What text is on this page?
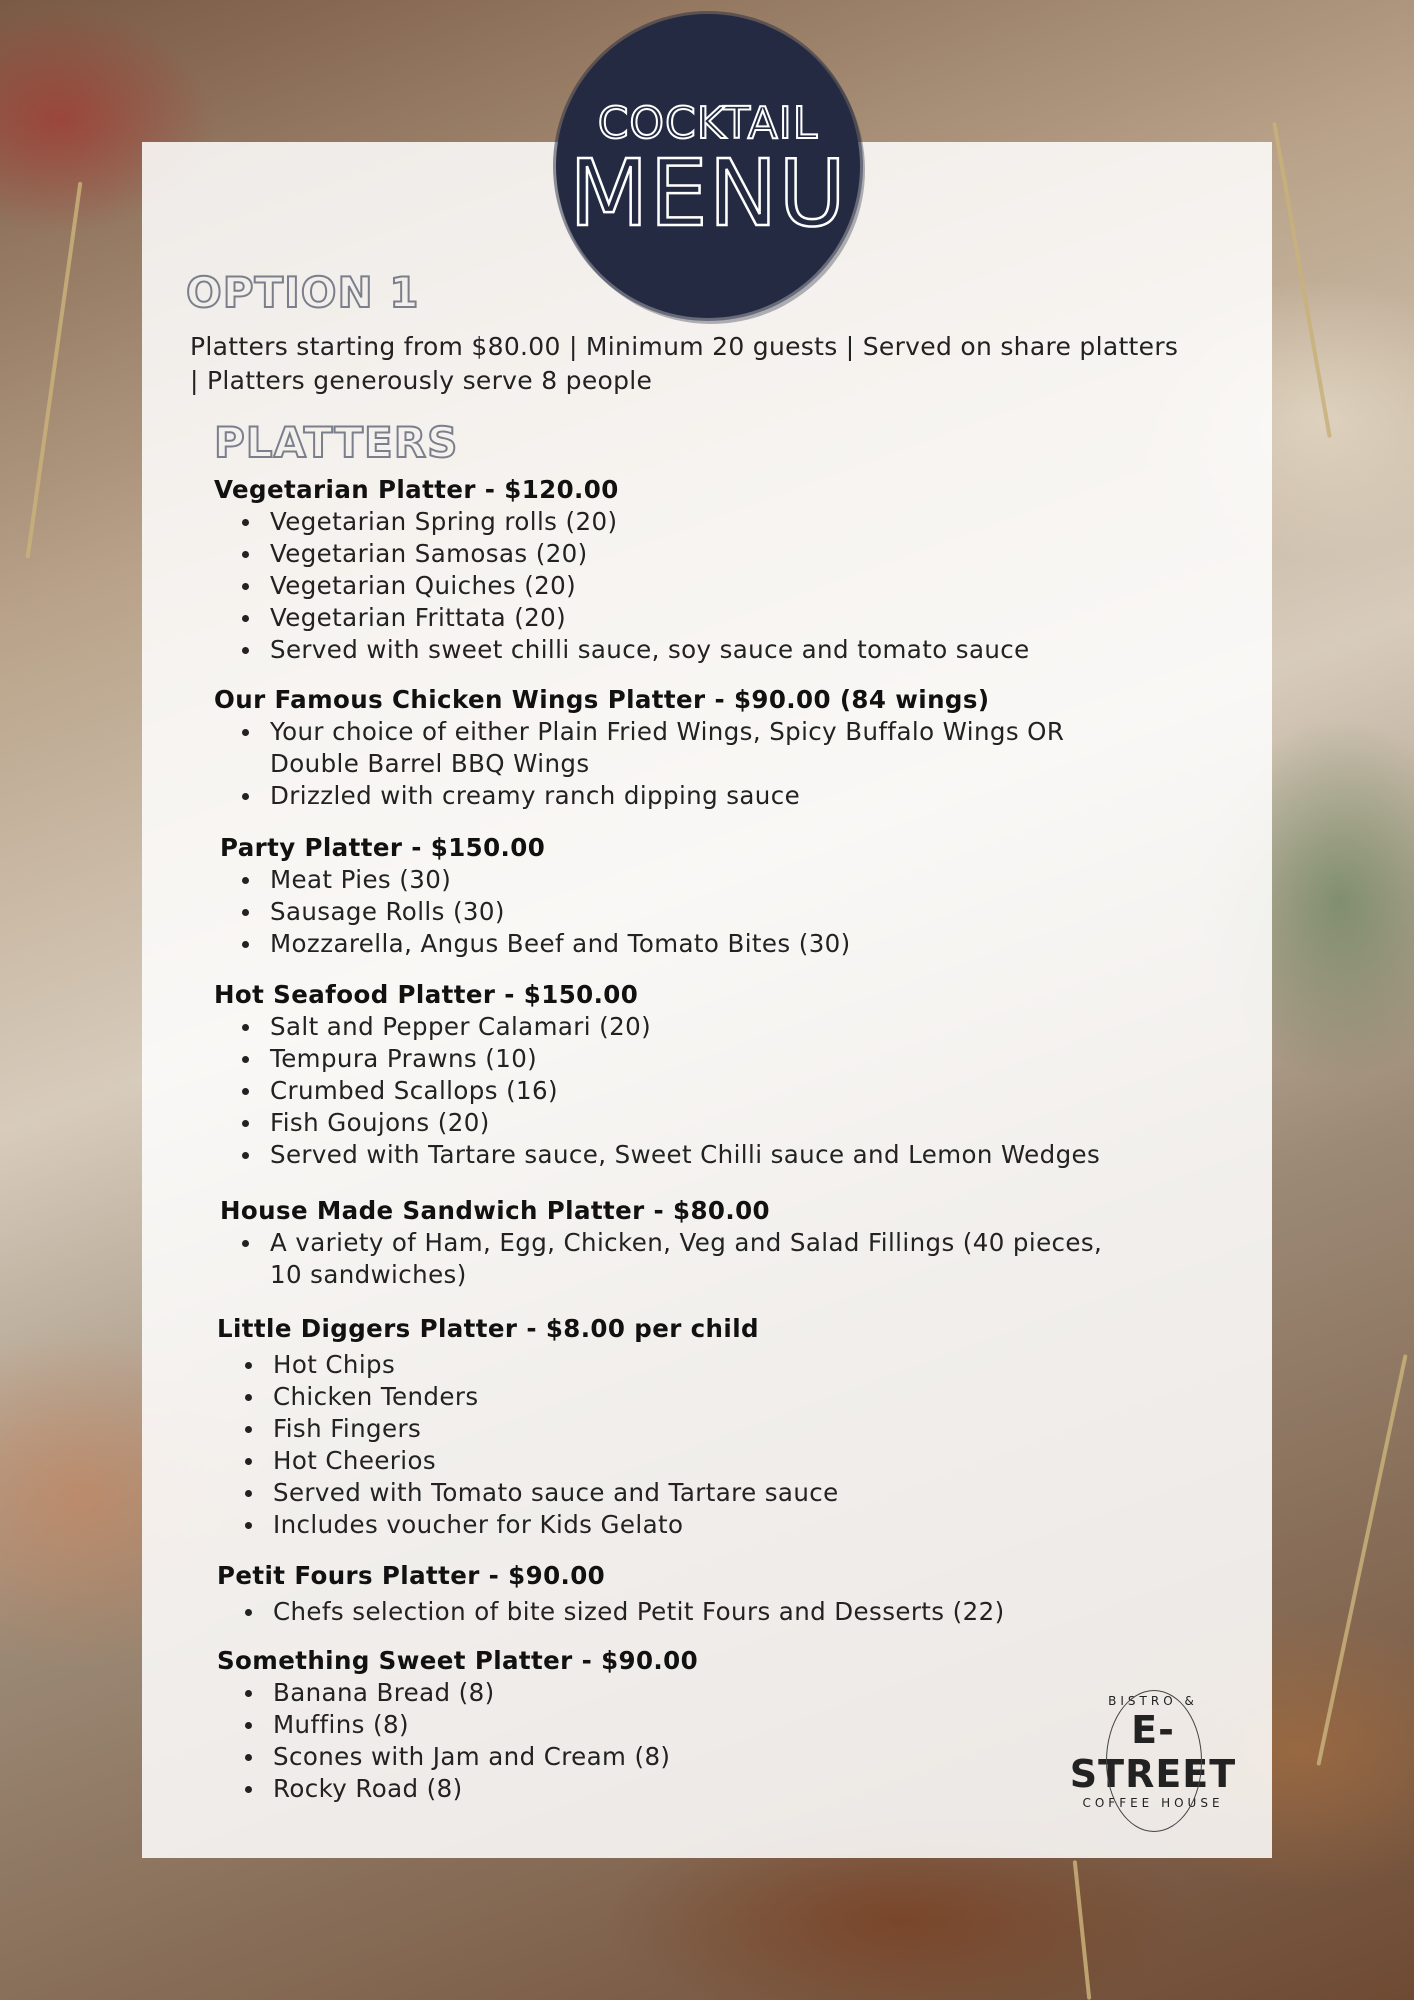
COCKTAIL
MENU
OPTION 1
Platters starting from $80.00 | Minimum 20 guests | Served on share platters | Platters generously serve 8 people
PLATTERS
Vegetarian Platter - $120.00
Vegetarian Spring rolls (20)
Vegetarian Samosas (20)
Vegetarian Quiches (20)
Vegetarian Frittata (20)
Served with sweet chilli sauce, soy sauce and tomato sauce
Our Famous Chicken Wings Platter - $90.00 (84 wings)
Your choice of either Plain Fried Wings, Spicy Buffalo Wings OR Double Barrel BBQ Wings
Drizzled with creamy ranch dipping sauce
Party Platter - $150.00
Meat Pies (30)
Sausage Rolls (30)
Mozzarella, Angus Beef and Tomato Bites (30)
Hot Seafood Platter - $150.00
Salt and Pepper Calamari (20)
Tempura Prawns (10)
Crumbed Scallops (16)
Fish Goujons (20)
Served with Tartare sauce, Sweet Chilli sauce and Lemon Wedges
House Made Sandwich Platter - $80.00
A variety of Ham, Egg, Chicken, Veg and Salad Fillings (40 pieces, 10 sandwiches)
Little Diggers Platter - $8.00 per child
Hot Chips
Chicken Tenders
Fish Fingers
Hot Cheerios
Served with Tomato sauce and Tartare sauce
Includes voucher for Kids Gelato
Petit Fours Platter - $90.00
Chefs selection of bite sized Petit Fours and Desserts (22)
Something Sweet Platter - $90.00
Banana Bread (8)
Muffins (8)
Scones with Jam and Cream (8)
Rocky Road (8)
BISTRO &
E-STREET
COFFEE HOUSE
